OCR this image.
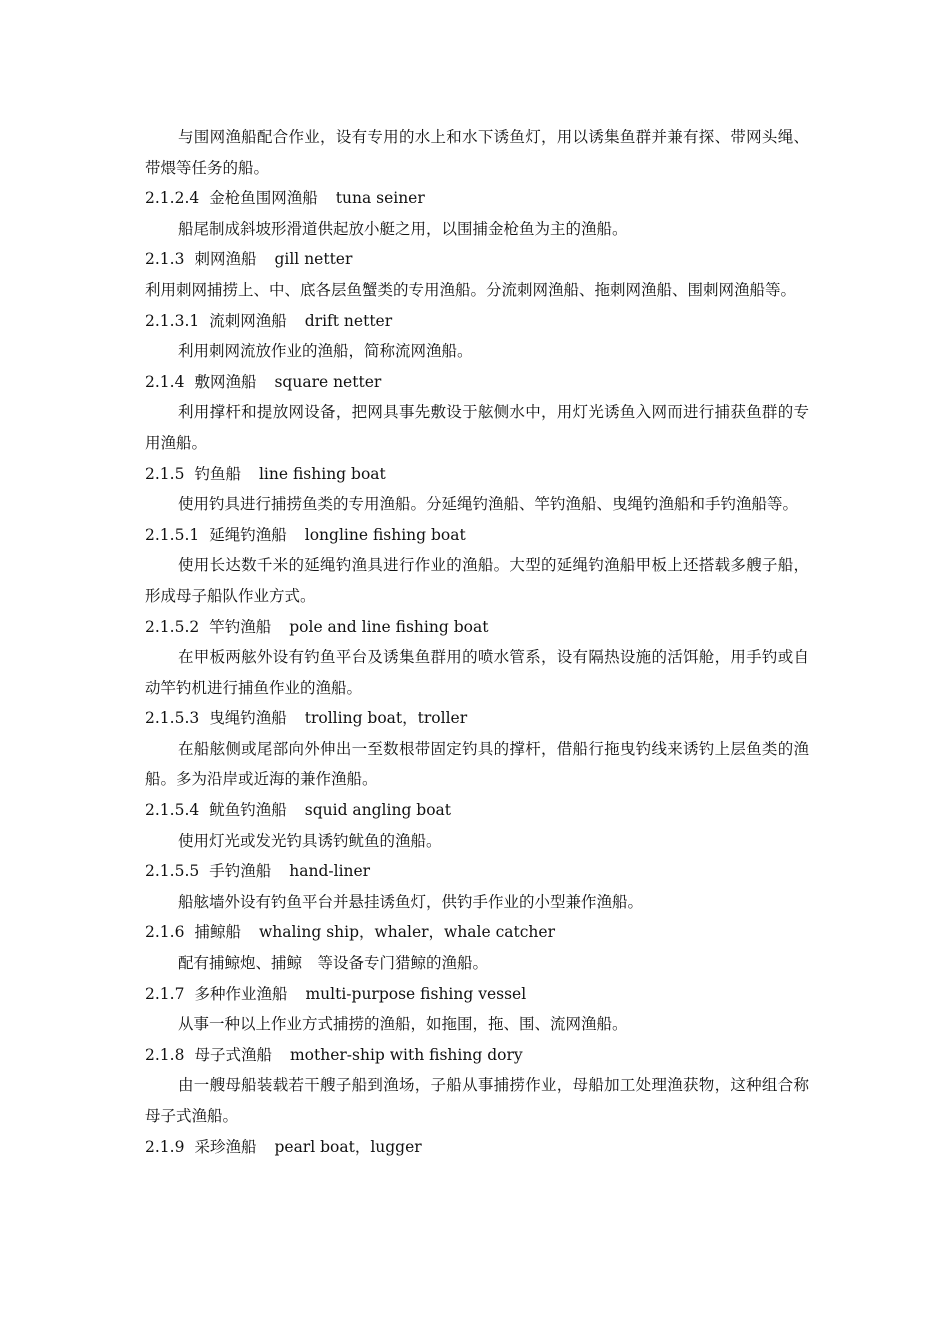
与围网渔船配合作业，设有专用的水上和水下诱鱼灯，用以诱集鱼群并兼有探、带网头绳、带煨等任务的船。

2.1.2.4 金枪鱼围网渔船 tuna seiner

船尾制成斜坡形滑道供起放小艇之用，以围捕金枪鱼为主的渔船。

2.1.3 刺网渔船 gill netter

利用刺网捕捞上、中、底各层鱼蟹类的专用渔船。分流刺网渔船、拖刺网渔船、围刺网渔船等。

2.1.3.1 流刺网渔船 drift netter

利用刺网流放作业的渔船，简称流网渔船。

2.1.4 敷网渔船 square netter

利用撑杆和提放网设备，把网具事先敷设于舷侧水中，用灯光诱鱼入网而进行捕获鱼群的专用渔船。

2.1.5 钓鱼船 line fishing boat

使用钓具进行捕捞鱼类的专用渔船。分延绳钓渔船、竿钓渔船、曳绳钓渔船和手钓渔船等。

2.1.5.1 延绳钓渔船 longline fishing boat

使用长达数千米的延绳钓渔具进行作业的渔船。大型的延绳钓渔船甲板上还搭载多艘子船，形成母子船队作业方式。

2.1.5.2 竿钓渔船 pole and line fishing boat

在甲板两舷外设有钓鱼平台及诱集鱼群用的喷水管系，设有隔热设施的活饵舱，用手钓或自动竿钓机进行捕鱼作业的渔船。

2.1.5.3 曳绳钓渔船 trolling boat，troller

在船舷侧或尾部向外伸出一至数根带固定钓具的撑杆，借船行拖曳钓线来诱钓上层鱼类的渔船。多为沿岸或近海的兼作渔船。

2.1.5.4 鱿鱼钓渔船 squid angling boat

使用灯光或发光钓具诱钓鱿鱼的渔船。

2.1.5.5 手钓渔船 hand-liner

船舷墙外设有钓鱼平台并悬挂诱鱼灯，供钓手作业的小型兼作渔船。

2.1.6 捕鲸船 whaling ship，whaler，whale catcher

配有捕鲸炮、捕鲸　等设备专门猎鲸的渔船。

2.1.7 多种作业渔船 multi-purpose fishing vessel

从事一种以上作业方式捕捞的渔船，如拖围，拖、围、流网渔船。

2.1.8 母子式渔船 mother-ship with fishing dory

由一艘母船装载若干艘子船到渔场，子船从事捕捞作业，母船加工处理渔获物，这种组合称母子式渔船。

2.1.9 采珍渔船 pearl boat，lugger
